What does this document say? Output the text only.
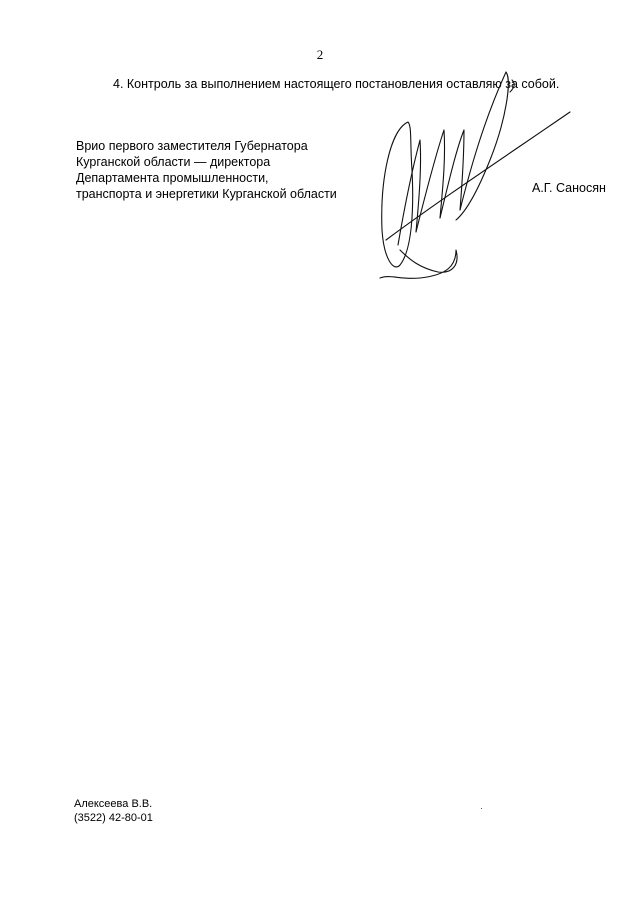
2
4. Контроль за выполнением настоящего постановления оставляю за собой.
Врио первого заместителя Губернатора
Курганской области — директора
Департамента промышленности,
транспорта и энергетики Курганской области	А.Г. Саносян
Алексеева В.В.
(3522) 42-80-01
